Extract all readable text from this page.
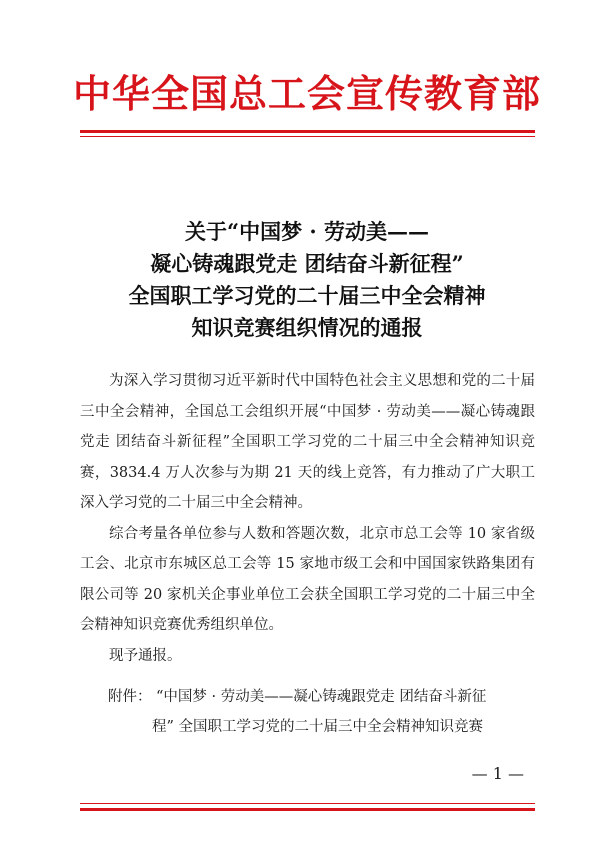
中华全国总工会宣传教育部
关于“中国梦 · 劳动美——
凝心铸魂跟党走 团结奋斗新征程”
全国职工学习党的二十届三中全会精神
知识竞赛组织情况的通报

为深入学习贯彻习近平新时代中国特色社会主义思想和党的二十届三中全会精神，全国总工会组织开展“中国梦 · 劳动美——凝心铸魂跟党走 团结奋斗新征程”全国职工学习党的二十届三中全会精神知识竞赛，3834.4 万人次参与为期 21 天的线上竞答，有力推动了广大职工深入学习党的二十届三中全会精神。

综合考量各单位参与人数和答题次数，北京市总工会等 10 家省级工会、北京市东城区总工会等 15 家地市级工会和中国国家铁路集团有限公司等 20 家机关企事业单位工会获全国职工学习党的二十届三中全会精神知识竞赛优秀组织单位。

现予通报。

附件： “中国梦 · 劳动美——凝心铸魂跟党走 团结奋斗新征
程” 全国职工学习党的二十届三中全会精神知识竞赛
— 1 —
